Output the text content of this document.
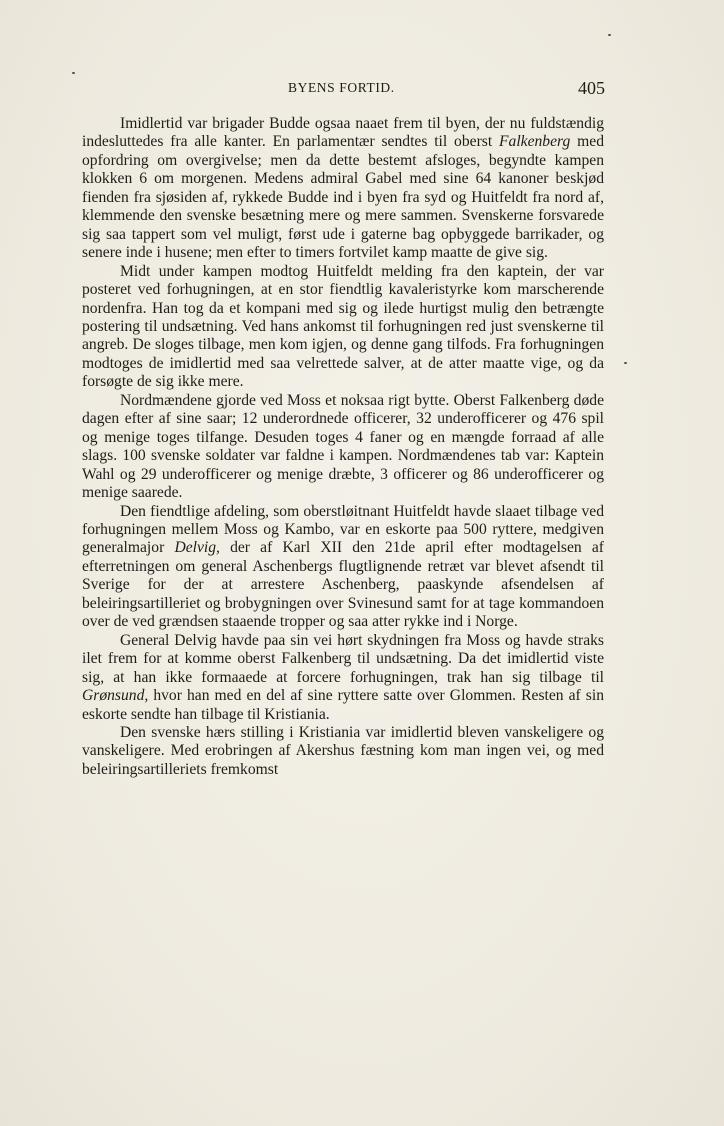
BYENS FORTID.	405

Imidlertid var brigader Budde ogsaa naaet frem til byen, der nu fuldstændig indesluttedes fra alle kanter. En parlamentær sendtes til oberst Falkenberg med opfordring om overgivelse; men da dette bestemt afsloges, begyndte kampen klokken 6 om morgenen. Medens admiral Gabel med sine 64 kanoner beskjød fienden fra sjøsiden af, rykkede Budde ind i byen fra syd og Huitfeldt fra nord af, klemmende den svenske besætning mere og mere sammen. Svenskerne forsvarede sig saa tappert som vel muligt, først ude i gaterne bag opbyggede barrikader, og senere inde i husene; men efter to timers fortvilet kamp maatte de give sig.

Midt under kampen modtog Huitfeldt melding fra den kaptein, der var posteret ved forhugningen, at en stor fiendtlig kavaleristyrke kom marscherende nordenfra. Han tog da et kompani med sig og ilede hurtigst mulig den betrængte postering til undsætning. Ved hans ankomst til forhugningen red just svenskerne til angreb. De sloges tilbage, men kom igjen, og denne gang tilfods. Fra forhugningen modtoges de imidlertid med saa velrettede salver, at de atter maatte vige, og da forsøgte de sig ikke mere.

Nordmændene gjorde ved Moss et noksaa rigt bytte. Oberst Falkenberg døde dagen efter af sine saar; 12 underordnede officerer, 32 underofficerer og 476 spil og menige toges tilfange. Desuden toges 4 faner og en mængde forraad af alle slags. 100 svenske soldater var faldne i kampen. Nordmændenes tab var: Kaptein Wahl og 29 underofficerer og menige dræbte, 3 officerer og 86 underofficerer og menige saarede.

Den fiendtlige afdeling, som oberstløitnant Huitfeldt havde slaaet tilbage ved forhugningen mellem Moss og Kambo, var en eskorte paa 500 ryttere, medgiven generalmajor Delvig, der af Karl XII den 21de april efter modtagelsen af efterretningen om general Aschenbergs flugtlignende retræt var blevet afsendt til Sverige for der at arrestere Aschenberg, paaskynde afsendelsen af beleiringsartilleriet og brobygningen over Svinesund samt for at tage kommandoen over de ved grændsen staaende tropper og saa atter rykke ind i Norge.

General Delvig havde paa sin vei hørt skydningen fra Moss og havde straks ilet frem for at komme oberst Falkenberg til undsætning. Da det imidlertid viste sig, at han ikke formaaede at forcere forhugningen, trak han sig tilbage til Grønsund, hvor han med en del af sine ryttere satte over Glommen. Resten af sin eskorte sendte han tilbage til Kristiania.

Den svenske hærs stilling i Kristiania var imidlertid bleven vanskeligere og vanskeligere. Med erobringen af Akershus fæstning kom man ingen vei, og med beleiringsartilleriets fremkomst
